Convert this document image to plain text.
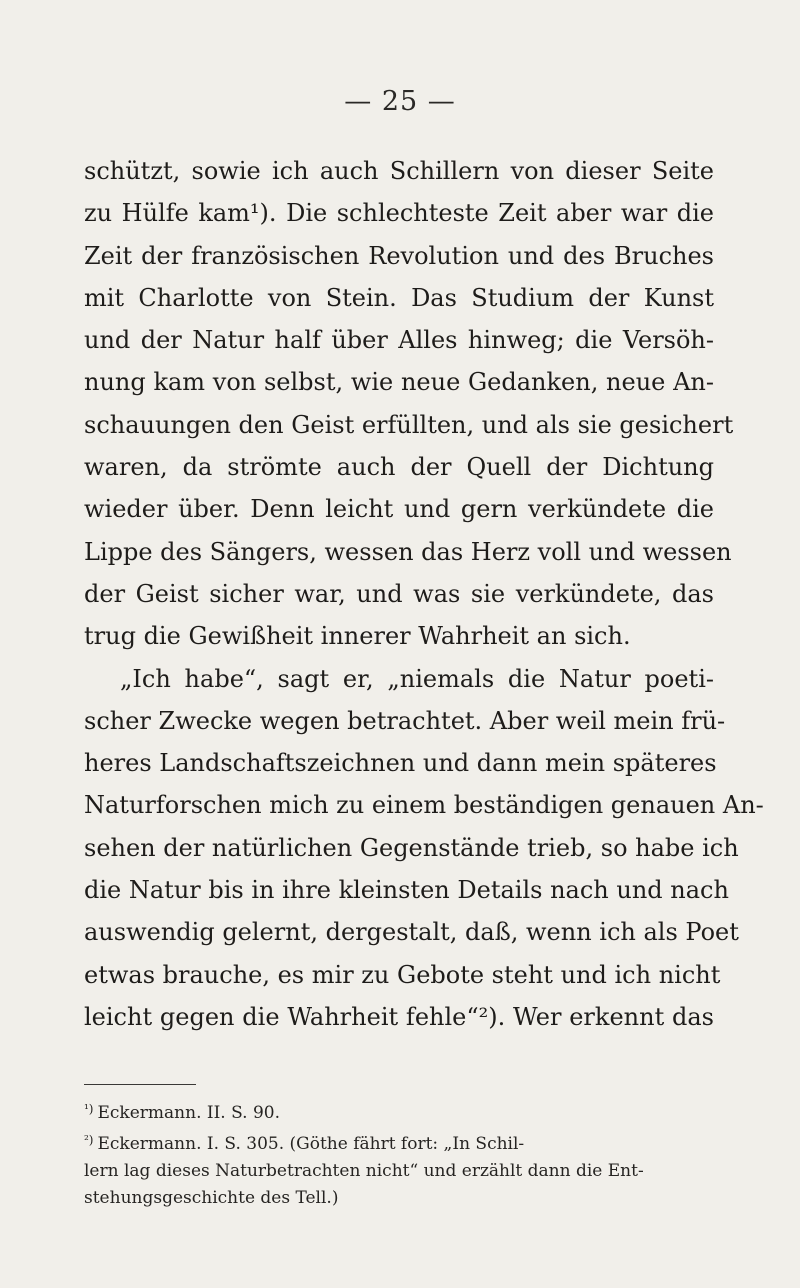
— 25 —
schützt, sowie ich auch Schillern von dieser Seite
zu Hülfe kam¹). Die schlechteste Zeit aber war die
Zeit der französischen Revolution und des Bruches
mit Charlotte von Stein. Das Studium der Kunst
und der Natur half über Alles hinweg; die Versöh-
nung kam von selbst, wie neue Gedanken, neue An-
schauungen den Geist erfüllten, und als sie gesichert
waren, da strömte auch der Quell der Dichtung
wieder über. Denn leicht und gern verkündete die
Lippe des Sängers, wessen das Herz voll und wessen
der Geist sicher war, und was sie verkündete, das
trug die Gewißheit innerer Wahrheit an sich.
„Ich habe“, sagt er, „niemals die Natur poeti-
scher Zwecke wegen betrachtet. Aber weil mein frü-
heres Landschaftszeichnen und dann mein späteres
Naturforschen mich zu einem beständigen genauen An-
sehen der natürlichen Gegenstände trieb, so habe ich
die Natur bis in ihre kleinsten Details nach und nach
auswendig gelernt, dergestalt, daß, wenn ich als Poet
etwas brauche, es mir zu Gebote steht und ich nicht
leicht gegen die Wahrheit fehle“²). Wer erkennt das
$^{^1)}$ Eckermann. II. S. 90.
$^{^2)}$ Eckermann. I. S. 305. (Göthe fährt fort: „In Schil-
lern lag dieses Naturbetrachten nicht“ und erzählt dann die Ent-
stehungsgeschichte des Tell.)
